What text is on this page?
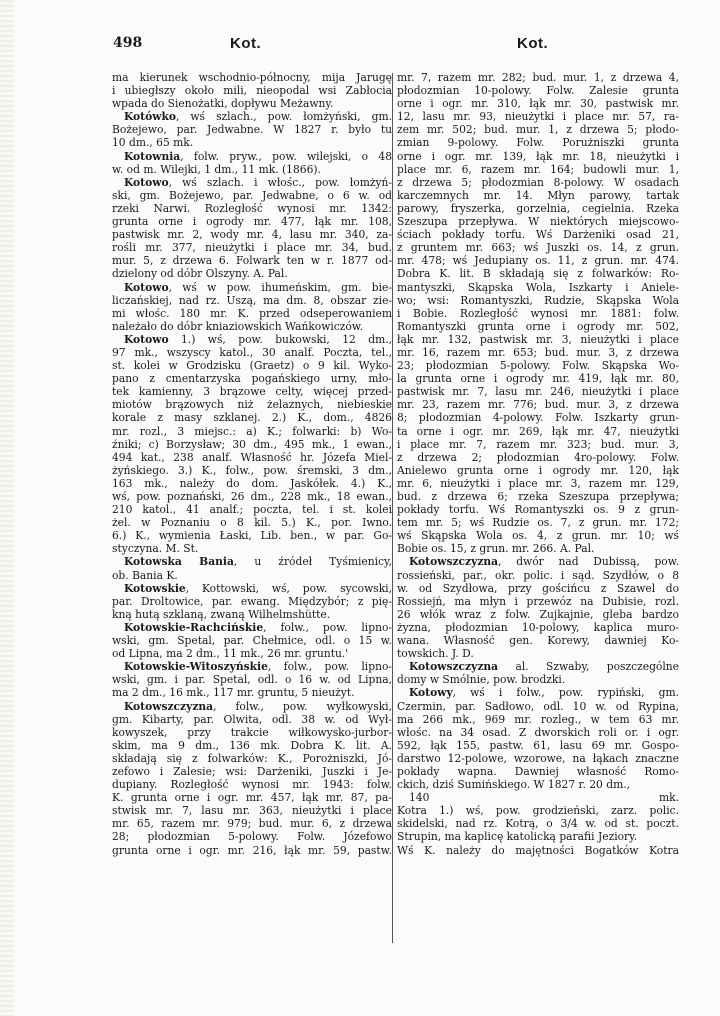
498	Kot.	Kot.
ma kierunek wschodnio-północny, mija Jarugę
i ubiegłszy około mili, nieopodal wsi Zabłocia
wpada do Sienożatki, dopływu Meżawny.
Kotówko, wś szlach., pow. łomżyński, gm.
Bożejewo, par. Jedwabne. W 1827 r. było tu
10 dm., 65 mk.
Kotownia, folw. pryw., pow. wilejski, o 48
w. od m. Wilejki, 1 dm., 11 mk. (1866).
Kotowo, wś szlach. i włośc., pow. łomżyń-
ski, gm. Bożejewo, par. Jedwabne, o 6 w. od
rzeki Narwi. Rozległość wynosi mr. 1342:
grunta orne i ogrody mr. 477, łąk mr. 108,
pastwisk mr. 2, wody mr. 4, lasu mr. 340, za-
rośli mr. 377, nieużytki i place mr. 34, bud.
mur. 5, z drzewa 6. Folwark ten w r. 1877 od-
dzielony od dóbr Olszyny. A. Pal.
Kotowo, wś w pow. ihumeńskim, gm. bie-
liczańskiej, nad rz. Uszą, ma dm. 8, obszar zie-
mi włośc. 180 mr. K. przed odseperowaniem
należało do dóbr kniaziowskich Wańkowiczów.
Kotowo 1.) wś, pow. bukowski, 12 dm.,
97 mk., wszyscy katol., 30 analf. Poczta, tel.,
st. kolei w Grodzisku (Graetz) o 9 kil. Wyko-
pano z cmentarzyska pogańskiego urny, mło-
tek kamienny, 3 brązowe celty, więcej przed-
miotów brązowych niż żelaznych, niebieskie
korale z masy szklanej. 2.) K., dom., 4826
mr. rozl., 3 miejsc.: a) K.; folwarki: b) Wo-
źniki; c) Borzysław; 30 dm., 495 mk., 1 ewan.,
494 kat., 238 analf. Własność hr. Józefa Miel-
żyńskiego. 3.) K., folw., pow. śremski, 3 dm.,
163 mk., należy do dom. Jaskółek. 4.) K.,
wś, pow. poznański, 26 dm., 228 mk., 18 ewan.,
210 katol., 41 analf.; poczta, tel. i st. kolei
żel. w Poznaniu o 8 kil. 5.) K., por. Iwno.
6.) K., wymienia Łaski, Lib. ben., w par. Go-
styczyna. M. St.
Kotowska Bania, u źródeł Tyśmienicy,
ob. Bania K.
Kotowskie, Kottowski, wś, pow. sycowski,
par. Droltowice, par. ewang. Międzybór; z pię-
kną hutą szklaną, zwaną Wilhelmshütte.
Kotowskie-Rachcińskie, folw., pow. lipno-
wski, gm. Spetal, par. Chełmice, odl. o 15 w.
od Lipna, ma 2 dm., 11 mk., 26 mr. gruntu.'
Kotowskie-Witoszyńskie, folw., pow. lipno-
wski, gm. i par. Spetal, odl. o 16 w. od Lipna,
ma 2 dm., 16 mk., 117 mr. gruntu, 5 nieużyt.
Kotowszczyzna, folw., pow. wyłkowyski,
gm. Kibarty, par. Olwita, odl. 38 w. od Wył-
kowyszek, przy trakcie wiłkowysko-jurbor-
skim, ma 9 dm., 136 mk. Dobra K. lit. A.
składają się z folwarków: K., Porożniszki, Jó-
zefowo i Zalesie; wsi: Darżeniki, Juszki i Je-
dupiany. Rozległość wynosi mr. 1943: folw.
K. grunta orne i ogr. mr. 457, łąk mr. 87, pa-
stwisk mr. 7, lasu mr. 363, nieużytki i place
mr. 65, razem mr. 979; bud. mur. 6, z drzewa
28; płodozmian 5-polowy. Folw. Józefowo
grunta orne i ogr. mr. 216, łąk mr. 59, pastw.
mr. 7, razem mr. 282; bud. mur. 1, z drzewa 4,
płodozmian 10-polowy. Folw. Zalesie grunta
orne i ogr. mr. 310, łąk mr. 30, pastwisk mr.
12, lasu mr. 93, nieużytki i place mr. 57, ra-
zem mr. 502; bud. mur. 1, z drzewa 5; płodo-
zmian 9-polowy. Folw. Porużniszki grunta
orne i ogr. mr. 139, łąk mr. 18, nieużytki i
place mr. 6, razem mr. 164; budowli mur. 1,
z drzewa 5; płodozmian 8-polowy. W osadach
karczemnych mr. 14. Młyn parowy, tartak
parowy, fryszerka, gorzelnia, cegielnia. Rzeka
Szeszupa przepływa. W niektórych miejscowo-
ściach pokłady torfu. Wś Darżeniki osad 21,
z gruntem mr. 663; wś Juszki os. 14, z grun.
mr. 478; wś Jedupiany os. 11, z grun. mr. 474.
Dobra K. lit. B składają się z folwarków: Ro-
mantyszki, Skąpska Wola, Iszkarty i Aniele-
wo; wsi: Romantyszki, Rudzie, Skąpska Wola
i Bobie. Rozległość wynosi mr. 1881: folw.
Romantyszki grunta orne i ogrody mr. 502,
łąk mr. 132, pastwisk mr. 3, nieużytki i place
mr. 16, razem mr. 653; bud. mur. 3, z drzewa
23; płodozmian 5-polowy. Folw. Skąpska Wo-
la grunta orne i ogrody mr. 419, łąk mr. 80,
pastwisk mr. 7, lasu mr. 246, nieużytki i place
mr. 23, razem mr. 776; bud. mur. 3, z drzewa
8; płodozmian 4-polowy. Folw. Iszkarty grun-
ta orne i ogr. mr. 269, łąk mr. 47, nieużytki
i place mr. 7, razem mr. 323; bud. mur. 3,
z drzewa 2; płodozmian 4ro-polowy. Folw.
Anielewo grunta orne i ogrody mr. 120, łąk
mr. 6, nieużytki i place mr. 3, razem mr. 129,
bud. z drzewa 6; rzeka Szeszupa przepływa;
pokłady torfu. Wś Romantyszki os. 9 z grun-
tem mr. 5; wś Rudzie os. 7, z grun. mr. 172;
wś Skąpska Wola os. 4, z grun. mr. 10; wś
Bobie os. 15, z grun. mr. 266. A. Pal.
Kotowszczyzna, dwór nad Dubissą, pow.
rossieński, par., okr. polic. i sąd. Szydłów, o 8
w. od Szydłowa, przy gościńcu z Szawel do
Rossiejń, ma młyn i przewóz na Dubisie, rozl.
26 włók wraz z folw. Zujkajnie, gleba bardzo
żyzna, płodozmian 10-polowy, kaplica muro-
wana. Własność gen. Korewy, dawniej Ko-
towskich. J. D.
Kotowszczyzna al. Szwaby, poszczególne
domy w Smólnie, pow. brodzki.
Kotowy, wś i folw., pow. rypiński, gm.
Czermin, par. Sadłowo, odl. 10 w. od Rypina,
ma 266 mk., 969 mr. rozleg., w tem 63 mr.
włośc. na 34 osad. Z dworskich roli or. i ogr.
592, łąk 155, pastw. 61, lasu 69 mr. Gospo-
darstwo 12-polowe, wzorowe, na łąkach znaczne
pokłady wapna. Dawniej własność Romo-
ckich, dziś Sumińskiego. W 1827 r. 20 dm.,
140 mk.
Kotra 1.) wś, pow. grodzieński, zarz. polic.
skidelski, nad rz. Kotrą, o 3/4 w. od st. poczt.
Strupin, ma kaplicę katolicką parafii Jeziory.
Wś K. należy do majętności Bogatków Kotra
